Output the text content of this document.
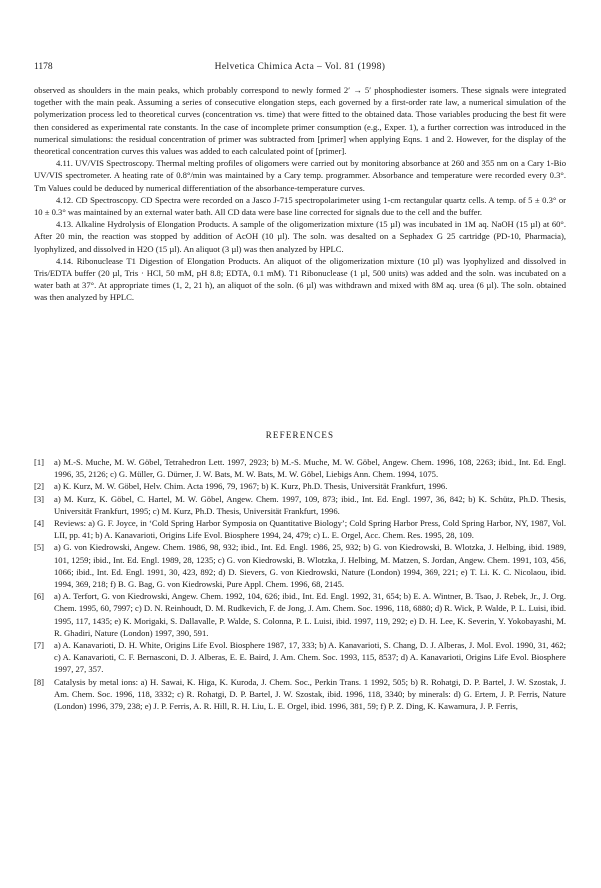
1178	Helvetica Chimica Acta – Vol. 81 (1998)

observed as shoulders in the main peaks, which probably correspond to newly formed 2′ → 5′ phosphodiester isomers. These signals were integrated together with the main peak. Assuming a series of consecutive elongation steps, each governed by a first-order rate law, a numerical simulation of the polymerization process led to theoretical curves (concentration vs. time) that were fitted to the obtained data. Those variables producing the best fit were then considered as experimental rate constants. In the case of incomplete primer consumption (e.g., Exper. 1), a further correction was introduced in the numerical simulations: the residual concentration of primer was subtracted from [primer] when applying Eqns. 1 and 2. However, for the display of the theoretical concentration curves this values was added to each calculated point of [primer].

4.11. UV/VIS Spectroscopy. Thermal melting profiles of oligomers were carried out by monitoring absorbance at 260 and 355 nm on a Cary 1-Bio UV/VIS spectrometer. A heating rate of 0.8°/min was maintained by a Cary temp. programmer. Absorbance and temperature were recorded every 0.3°. Tm Values could be deduced by numerical differentiation of the absorbance-temperature curves.

4.12. CD Spectroscopy. CD Spectra were recorded on a Jasco J-715 spectropolarimeter using 1-cm rectangular quartz cells. A temp. of 5 ± 0.3° or 10 ± 0.3° was maintained by an external water bath. All CD data were base line corrected for signals due to the cell and the buffer.

4.13. Alkaline Hydrolysis of Elongation Products. A sample of the oligomerization mixture (15 µl) was incubated in 1M aq. NaOH (15 µl) at 60°. After 20 min, the reaction was stopped by addition of AcOH (10 µl). The soln. was desalted on a Sephadex G 25 cartridge (PD-10, Pharmacia), lyophylized, and dissolved in H2O (15 µl). An aliquot (3 µl) was then analyzed by HPLC.

4.14. Ribonuclease T1 Digestion of Elongation Products. An aliquot of the oligomerization mixture (10 µl) was lyophylized and dissolved in Tris/EDTA buffer (20 µl, Tris · HCl, 50 mM, pH 8.8; EDTA, 0.1 mM). T1 Ribonuclease (1 µl, 500 units) was added and the soln. was incubated on a water bath at 37°. At appropriate times (1, 2, 21 h), an aliquot of the soln. (6 µl) was withdrawn and mixed with 8M aq. urea (6 µl). The soln. obtained was then analyzed by HPLC.

REFERENCES
[1]	a) M.-S. Muche, M. W. Göbel, Tetrahedron Lett. 1997, 2923; b) M.-S. Muche, M. W. Göbel, Angew. Chem. 1996, 108, 2263; ibid., Int. Ed. Engl. 1996, 35, 2126; c) G. Müller, G. Dürner, J. W. Bats, M. W. Bats, M. W. Göbel, Liebigs Ann. Chem. 1994, 1075.
[2]	a) K. Kurz, M. W. Göbel, Helv. Chim. Acta 1996, 79, 1967; b) K. Kurz, Ph.D. Thesis, Universität Frankfurt, 1996.
[3]	a) M. Kurz, K. Göbel, C. Hartel, M. W. Göbel, Angew. Chem. 1997, 109, 873; ibid., Int. Ed. Engl. 1997, 36, 842; b) K. Schütz, Ph.D. Thesis, Universität Frankfurt, 1995; c) M. Kurz, Ph.D. Thesis, Universität Frankfurt, 1996.
[4]	Reviews: a) G. F. Joyce, in ‘Cold Spring Harbor Symposia on Quantitative Biology’; Cold Spring Harbor Press, Cold Spring Harbor, NY, 1987, Vol. LII, pp. 41; b) A. Kanavarioti, Origins Life Evol. Biosphere 1994, 24, 479; c) L. E. Orgel, Acc. Chem. Res. 1995, 28, 109.
[5]	a) G. von Kiedrowski, Angew. Chem. 1986, 98, 932; ibid., Int. Ed. Engl. 1986, 25, 932; b) G. von Kiedrowski, B. Wlotzka, J. Helbing, ibid. 1989, 101, 1259; ibid., Int. Ed. Engl. 1989, 28, 1235; c) G. von Kiedrowski, B. Wlotzka, J. Helbing, M. Matzen, S. Jordan, Angew. Chem. 1991, 103, 456, 1066; ibid., Int. Ed. Engl. 1991, 30, 423, 892; d) D. Sievers, G. von Kiedrowski, Nature (London) 1994, 369, 221; e) T. Li. K. C. Nicolaou, ibid. 1994, 369, 218; f) B. G. Bag, G. von Kiedrowski, Pure Appl. Chem. 1996, 68, 2145.
[6]	a) A. Terfort, G. von Kiedrowski, Angew. Chem. 1992, 104, 626; ibid., Int. Ed. Engl. 1992, 31, 654; b) E. A. Wintner, B. Tsao, J. Rebek, Jr., J. Org. Chem. 1995, 60, 7997; c) D. N. Reinhoudt, D. M. Rudkevich, F. de Jong, J. Am. Chem. Soc. 1996, 118, 6880; d) R. Wick, P. Walde, P. L. Luisi, ibid. 1995, 117, 1435; e) K. Morigaki, S. Dallavalle, P. Walde, S. Colonna, P. L. Luisi, ibid. 1997, 119, 292; e) D. H. Lee, K. Severin, Y. Yokobayashi, M. R. Ghadiri, Nature (London) 1997, 390, 591.
[7]	a) A. Kanavarioti, D. H. White, Origins Life Evol. Biosphere 1987, 17, 333; b) A. Kanavarioti, S. Chang, D. J. Alberas, J. Mol. Evol. 1990, 31, 462; c) A. Kanavarioti, C. F. Bernasconi, D. J. Alberas, E. E. Baird, J. Am. Chem. Soc. 1993, 115, 8537; d) A. Kanavarioti, Origins Life Evol. Biosphere 1997, 27, 357.
[8]	Catalysis by metal ions: a) H. Sawai, K. Higa, K. Kuroda, J. Chem. Soc., Perkin Trans. 1 1992, 505; b) R. Rohatgi, D. P. Bartel, J. W. Szostak, J. Am. Chem. Soc. 1996, 118, 3332; c) R. Rohatgi, D. P. Bartel, J. W. Szostak, ibid. 1996, 118, 3340; by minerals: d) G. Ertem, J. P. Ferris, Nature (London) 1996, 379, 238; e) J. P. Ferris, A. R. Hill, R. H. Liu, L. E. Orgel, ibid. 1996, 381, 59; f) P. Z. Ding, K. Kawamura, J. P. Ferris,
